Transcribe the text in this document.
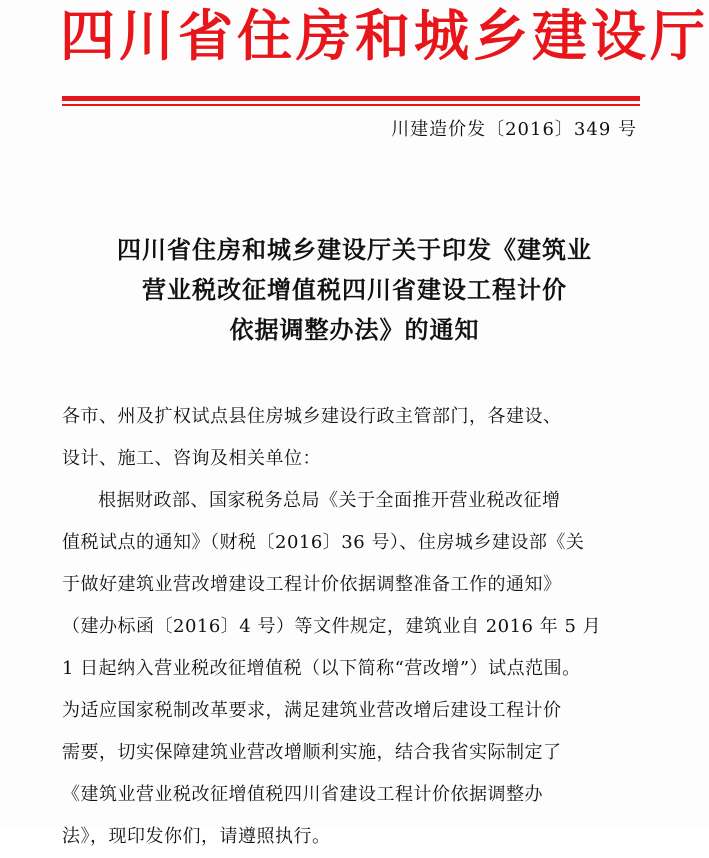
四川省住房和城乡建设厅
川建造价发〔2016〕349 号
四川省住房和城乡建设厅关于印发《建筑业
营业税改征增值税四川省建设工程计价
依据调整办法》的通知
各市、州及扩权试点县住房城乡建设行政主管部门，各建设、
设计、施工、咨询及相关单位：
根据财政部、国家税务总局《关于全面推开营业税改征增
值税试点的通知》（财税〔2016〕36 号）、住房城乡建设部《关
于做好建筑业营改增建设工程计价依据调整准备工作的通知》
（建办标函〔2016〕4 号）等文件规定，建筑业自 2016 年 5 月
1 日起纳入营业税改征增值税（以下简称“营改增”）试点范围。
为适应国家税制改革要求，满足建筑业营改增后建设工程计价
需要，切实保障建筑业营改增顺利实施，结合我省实际制定了
《建筑业营业税改征增值税四川省建设工程计价依据调整办
法》，现印发你们，请遵照执行。
